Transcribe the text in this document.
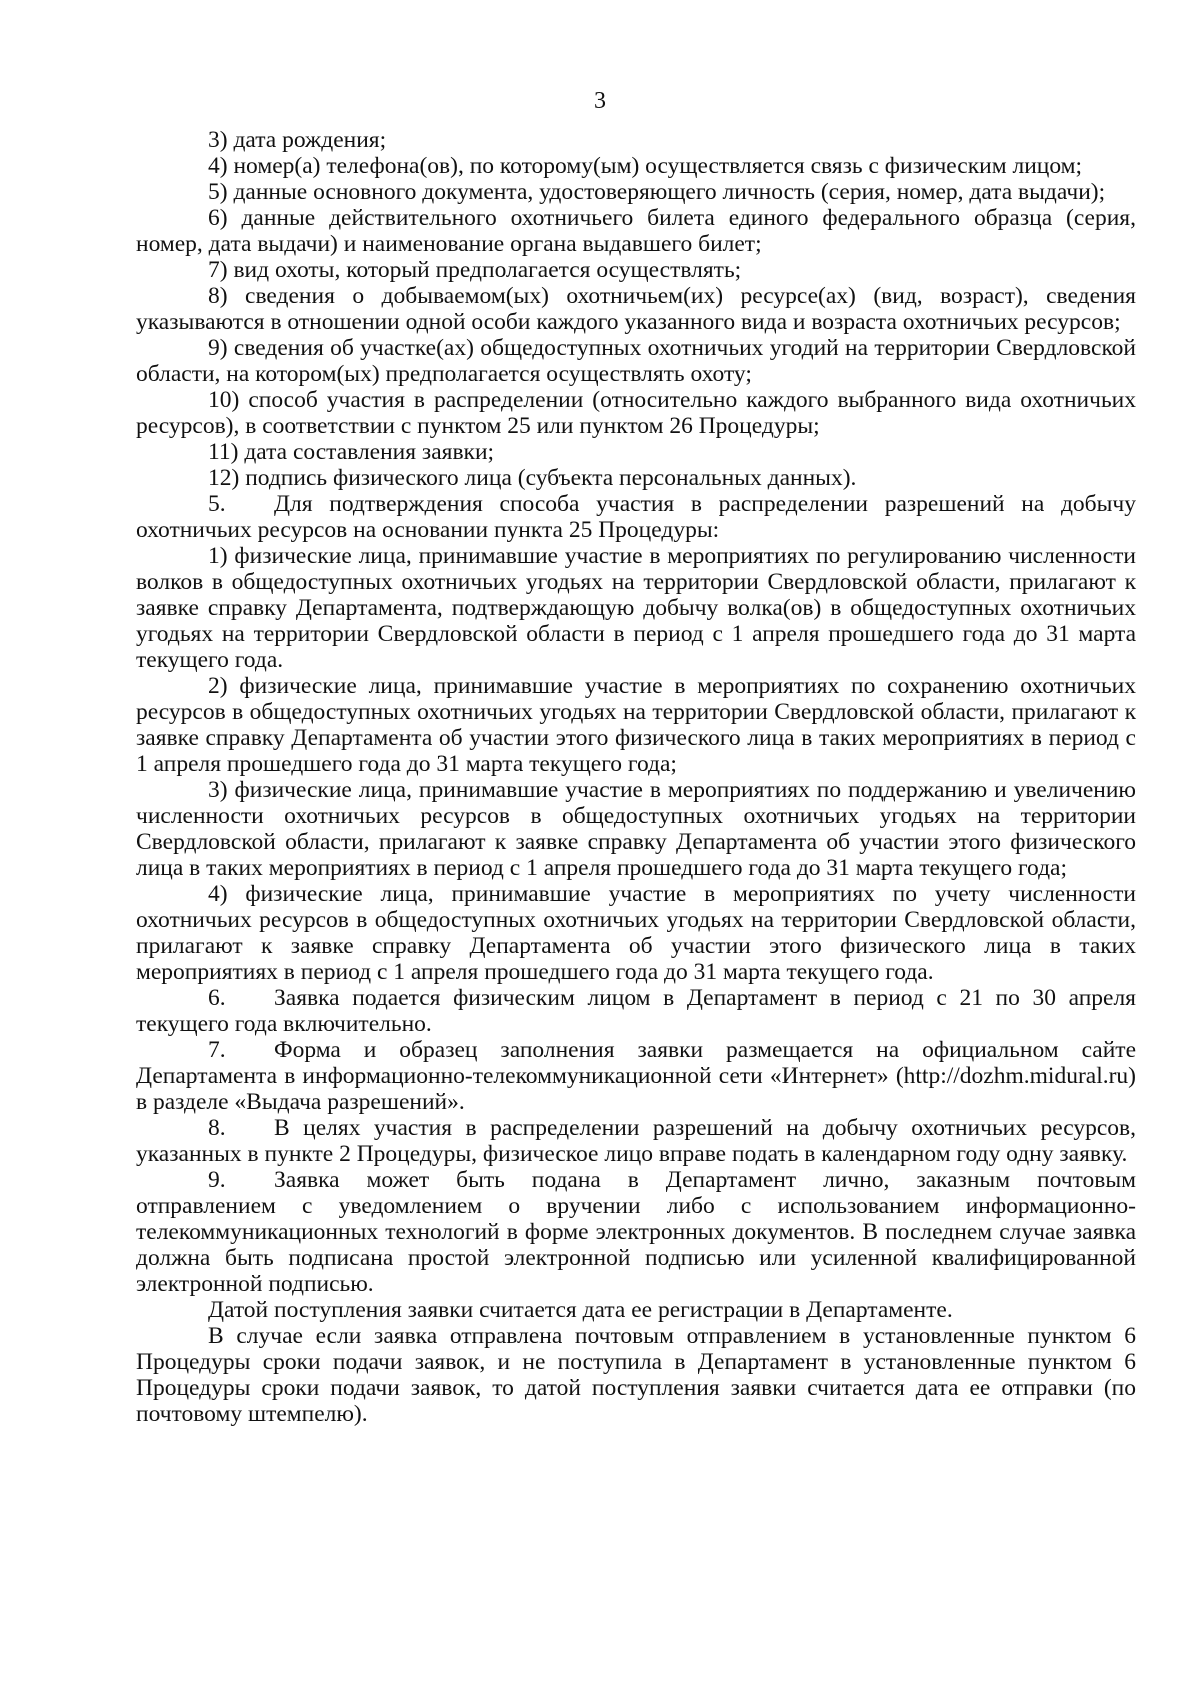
3

3) дата рождения;

4) номер(а) телефона(ов), по которому(ым) осуществляется связь с физическим лицом;

5) данные основного документа, удостоверяющего личность (серия, номер, дата выдачи);

6) данные действительного охотничьего билета единого федерального образца (серия, номер, дата выдачи) и наименование органа выдавшего билет;

7) вид охоты, который предполагается осуществлять;

8) сведения о добываемом(ых) охотничьем(их) ресурсе(ах) (вид, возраст), сведения указываются в отношении одной особи каждого указанного вида и возраста охотничьих ресурсов;

9) сведения об участке(ах) общедоступных охотничьих угодий на территории Свердловской области, на котором(ых) предполагается осуществлять охоту;

10) способ участия в распределении (относительно каждого выбранного вида охотничьих ресурсов), в соответствии с пунктом 25 или пунктом 26 Процедуры;

11) дата составления заявки;

12) подпись физического лица (субъекта персональных данных).

5.	Для подтверждения способа участия в распределении разрешений на добычу

охотничьих ресурсов на основании пункта 25 Процедуры:

1) физические лица, принимавшие участие в мероприятиях по регулированию численности волков в общедоступных охотничьих угодьях на территории Свердловской области, прилагают к заявке справку Департамента, подтверждающую добычу волка(ов) в общедоступных охотничьих угодьях на территории Свердловской области в период с 1 апреля прошедшего года до 31 марта текущего года.

2) физические лица, принимавшие участие в мероприятиях по сохранению охотничьих ресурсов в общедоступных охотничьих угодьях на территории Свердловской области, прилагают к заявке справку Департамента об участии этого физического лица в таких мероприятиях в период с 1 апреля прошедшего года до 31 марта текущего года;

3) физические лица, принимавшие участие в мероприятиях по поддержанию и увеличению численности охотничьих ресурсов в общедоступных охотничьих угодьях на территории Свердловской области, прилагают к заявке справку Департамента об участии этого физического лица в таких мероприятиях в период с 1 апреля прошедшего года до 31 марта текущего года;

4) физические лица, принимавшие участие в мероприятиях по учету численности охотничьих ресурсов в общедоступных охотничьих угодьях на территории Свердловской области, прилагают к заявке справку Департамента об участии этого физического лица в таких мероприятиях в период с 1 апреля прошедшего года до 31 марта текущего года.

6.	Заявка подается физическим лицом в Департамент в период с 21 по 30 апреля

текущего года включительно.

7.	Форма и образец заполнения заявки размещается на официальном сайте

Департамента в информационно-телекоммуникационной сети «Интернет» (http://dozhm.midural.ru) в разделе «Выдача разрешений».

8.	В целях участия в распределении разрешений на добычу охотничьих ресурсов,

указанных в пункте 2 Процедуры, физическое лицо вправе подать в календарном году одну заявку.

9.	Заявка может быть подана в Департамент лично, заказным почтовым

отправлением с уведомлением о вручении либо с использованием информационно-телекоммуникационных технологий в форме электронных документов. В последнем случае заявка должна быть подписана простой электронной подписью или усиленной квалифицированной электронной подписью.

Датой поступления заявки считается дата ее регистрации в Департаменте.

В случае если заявка отправлена почтовым отправлением в установленные пунктом 6 Процедуры сроки подачи заявок, и не поступила в Департамент в установленные пунктом 6 Процедуры сроки подачи заявок, то датой поступления заявки считается дата ее отправки (по почтовому штемпелю).
